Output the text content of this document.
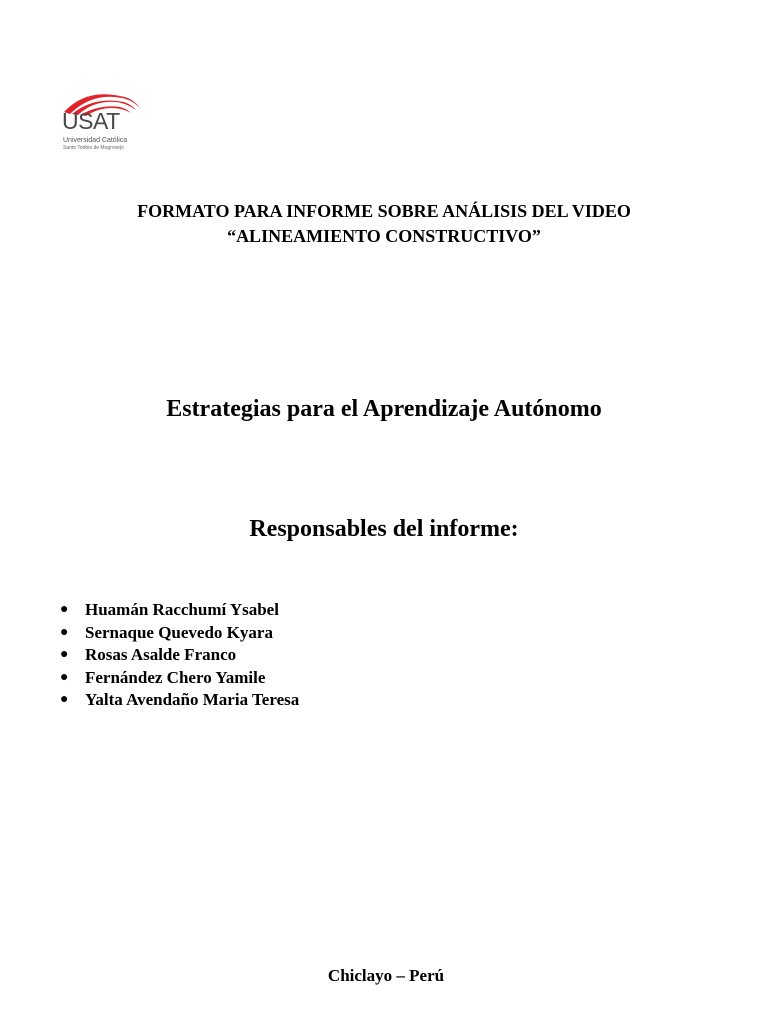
USAT
Universidad Católica
Santo Toribio de Mogrovejo
FORMATO PARA INFORME SOBRE ANÁLISIS DEL VIDEO
“ALINEAMIENTO CONSTRUCTIVO”
Estrategias para el Aprendizaje Autónomo
Responsables del informe:
● Huamán Racchumí Ysabel
● Sernaque Quevedo Kyara
● Rosas Asalde Franco
● Fernández Chero Yamile
● Yalta Avendaño Maria Teresa
Chiclayo – Perú
